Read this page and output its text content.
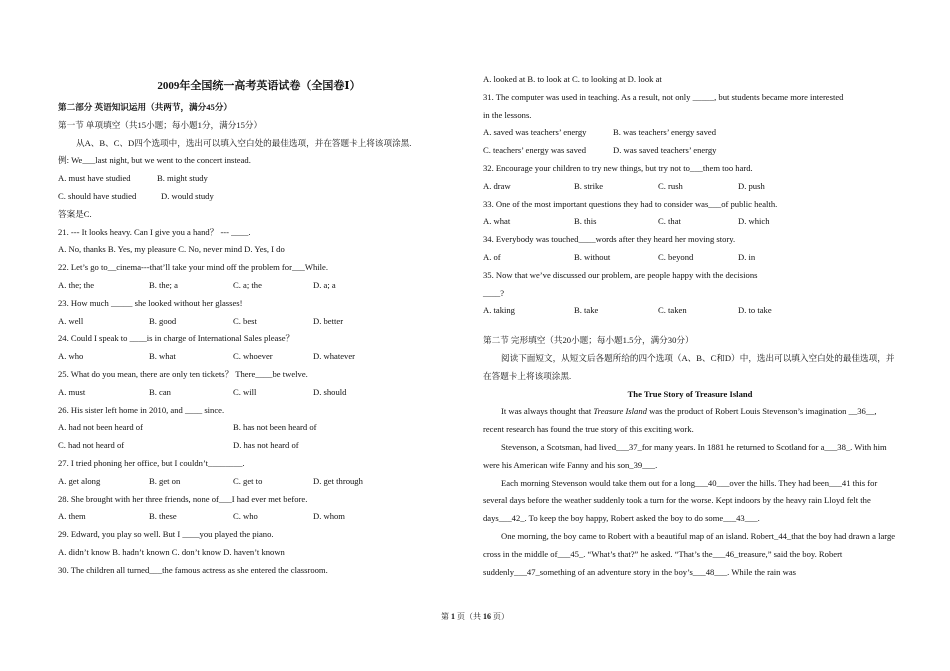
2009年全国统一高考英语试卷（全国卷Ⅰ）
第二部分 英语知识运用（共两节，满分45分）
第一节 单项填空（共15小题；每小题1分，满分15分）
从A、B、C、D四个选项中，选出可以填入空白处的最佳选项，并在答题卡上将该项涂黑.
例: We___last night, but we went to the concert instead.
A. must have studied	B. might study
C. should have studied	D. would study
答案是C.
21. --- It looks heavy. Can I give you a hand？ --- ____.
A. No, thanks B. Yes, my pleasure C. No, never mind D. Yes, I do
22. Let’s go to__cinema---that’ll take your mind off the problem for___While.
A. the; the	B. the; a	C. a; the	D. a; a
23. How much _____ she looked without her glasses!
A. well	B. good	C. best	D. better
24. Could I speak to ____is in charge of International Sales please？
A. who	B. what	C. whoever	D. whatever
25. What do you mean, there are only ten tickets？ There____be twelve.
A. must	B. can	C. will	D. should
26. His sister left home in 2010, and ____ since.
A. had not been heard of	B. has not been heard of
C. had not heard of	D. has not heard of
27. I tried phoning her office, but I couldn’t________.
A. get along	B. get on	C. get to	D. get through
28. She brought with her three friends, none of___I had ever met before.
A. them	B. these	C. who	D. whom
29. Edward, you play so well. But I ____you played the piano.
A. didn’t know B. hadn’t known C. don’t know D. haven’t known
30. The children all turned___the famous actress as she entered the classroom.
A. looked at B. to look at C. to looking at D. look at
31. The computer was used in teaching. As a result, not only _____, but students became more interested
in the lessons.
A. saved was teachers’ energy	B. was teachers’ energy saved
C. teachers’ energy was saved	D. was saved teachers’ energy
32. Encourage your children to try new things, but try not to___them too hard.
A. draw	B. strike	C. rush	D. push
33. One of the most important questions they had to consider was___of public health.
A. what	B. this	C. that	D. which
34. Everybody was touched____words after they heard her moving story.
A. of	B. without	C. beyond	D. in
35. Now that we’ve discussed our problem, are people happy with the decisions
____?
A. taking	B. take	C. taken	D. to take
第二节 完形填空（共20小题；每小题1.5分，满分30分）
阅读下面短文，从短文后各题所给的四个选项（A、B、C和D）中，选出可以填入空白处的最佳选项，并在答题卡上将该项涂黑.
The True Story of Treasure Island
It was always thought that Treasure Island was the product of Robert Louis Stevenson’s imagination __36__, recent research has found the true story of this exciting work.
Stevenson, a Scotsman, had lived___37_for many years. In 1881 he returned to Scotland for a___38_. With him were his American wife Fanny and his son_39___.
Each morning Stevenson would take them out for a long___40___over the hills. They had been___41 this for several days before the weather suddenly took a turn for the worse. Kept indoors by the heavy rain Lloyd felt the days___42_. To keep the boy happy, Robert asked the boy to do some___43___.
One morning, the boy came to Robert with a beautiful map of an island. Robert_44_that the boy had drawn a large cross in the middle of___45_. “What’s that?” he asked. “That’s the___46_treasure,” said the boy. Robert suddenly___47_something of an adventure story in the boy’s___48___. While the rain was
第 1 页（共 16 页）
